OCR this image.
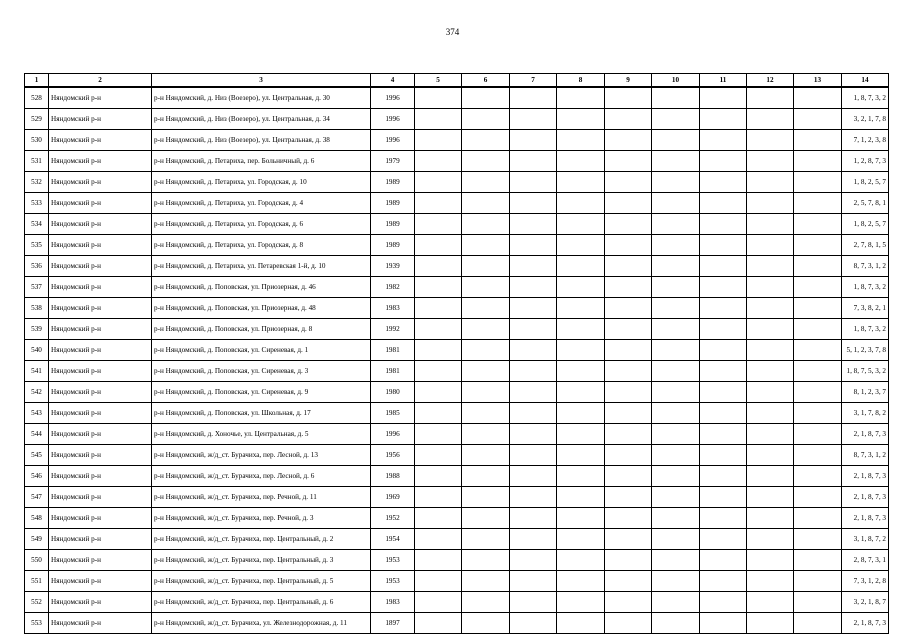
374
1	2	3	4	5	6	7	8	9	10	11	12	13	14
528	Няндомский р-н	р-н Няндомский, д. Низ (Воезеро), ул. Центральная, д. 30	1996										1, 8, 7, 3, 2
529	Няндомский р-н	р-н Няндомский, д. Низ (Воезеро), ул. Центральная, д. 34	1996										3, 2, 1, 7, 8
530	Няндомский р-н	р-н Няндомский, д. Низ (Воезеро), ул. Центральная, д. 38	1996										7, 1, 2, 3, 8
531	Няндомский р-н	р-н Няндомский, д. Петариха, пер. Больничный, д. 6	1979										1, 2, 8, 7, 3
532	Няндомский р-н	р-н Няндомский, д. Петариха, ул. Городская, д. 10	1989										1, 8, 2, 5, 7
533	Няндомский р-н	р-н Няндомский, д. Петариха, ул. Городская, д. 4	1989										2, 5, 7, 8, 1
534	Няндомский р-н	р-н Няндомский, д. Петариха, ул. Городская, д. 6	1989										1, 8, 2, 5, 7
535	Няндомский р-н	р-н Няндомский, д. Петариха, ул. Городская, д. 8	1989										2, 7, 8, 1, 5
536	Няндомский р-н	р-н Няндомский, д. Петариха, ул. Петаревская 1-й, д. 10	1939										8, 7, 3, 1, 2
537	Няндомский р-н	р-н Няндомский, д. Поповская, ул. Приозерная, д. 46	1982										1, 8, 7, 3, 2
538	Няндомский р-н	р-н Няндомский, д. Поповская, ул. Приозерная, д. 48	1983										7, 3, 8, 2, 1
539	Няндомский р-н	р-н Няндомский, д. Поповская, ул. Приозерная, д. 8	1992										1, 8, 7, 3, 2
540	Няндомский р-н	р-н Няндомский, д. Поповская, ул. Сиреневая, д. 1	1981										5, 1, 2, 3, 7, 8
541	Няндомский р-н	р-н Няндомский, д. Поповская, ул. Сиреневая, д. 3	1981										1, 8, 7, 5, 3, 2
542	Няндомский р-н	р-н Няндомский, д. Поповская, ул. Сиреневая, д. 9	1980										8, 1, 2, 3, 7
543	Няндомский р-н	р-н Няндомский, д. Поповская, ул. Школьная, д. 17	1985										3, 1, 7, 8, 2
544	Няндомский р-н	р-н Няндомский, д. Хоночье, ул. Центральная, д. 5	1996										2, 1, 8, 7, 3
545	Няндомский р-н	р-н Няндомский, ж/д_ст. Бурачиха, пер. Лесной, д. 13	1956										8, 7, 3, 1, 2
546	Няндомский р-н	р-н Няндомский, ж/д_ст. Бурачиха, пер. Лесной, д. 6	1988										2, 1, 8, 7, 3
547	Няндомский р-н	р-н Няндомский, ж/д_ст. Бурачиха, пер. Речной, д. 11	1969										2, 1, 8, 7, 3
548	Няндомский р-н	р-н Няндомский, ж/д_ст. Бурачиха, пер. Речной, д. 3	1952										2, 1, 8, 7, 3
549	Няндомский р-н	р-н Няндомский, ж/д_ст. Бурачиха, пер. Центральный, д. 2	1954										3, 1, 8, 7, 2
550	Няндомский р-н	р-н Няндомский, ж/д_ст. Бурачиха, пер. Центральный, д. 3	1953										2, 8, 7, 3, 1
551	Няндомский р-н	р-н Няндомский, ж/д_ст. Бурачиха, пер. Центральный, д. 5	1953										7, 3, 1, 2, 8
552	Няндомский р-н	р-н Няндомский, ж/д_ст. Бурачиха, пер. Центральный, д. 6	1983										3, 2, 1, 8, 7
553	Няндомский р-н	р-н Няндомский, ж/д_ст. Бурачиха, ул. Железнодорожная, д. 11	1897										2, 1, 8, 7, 3
